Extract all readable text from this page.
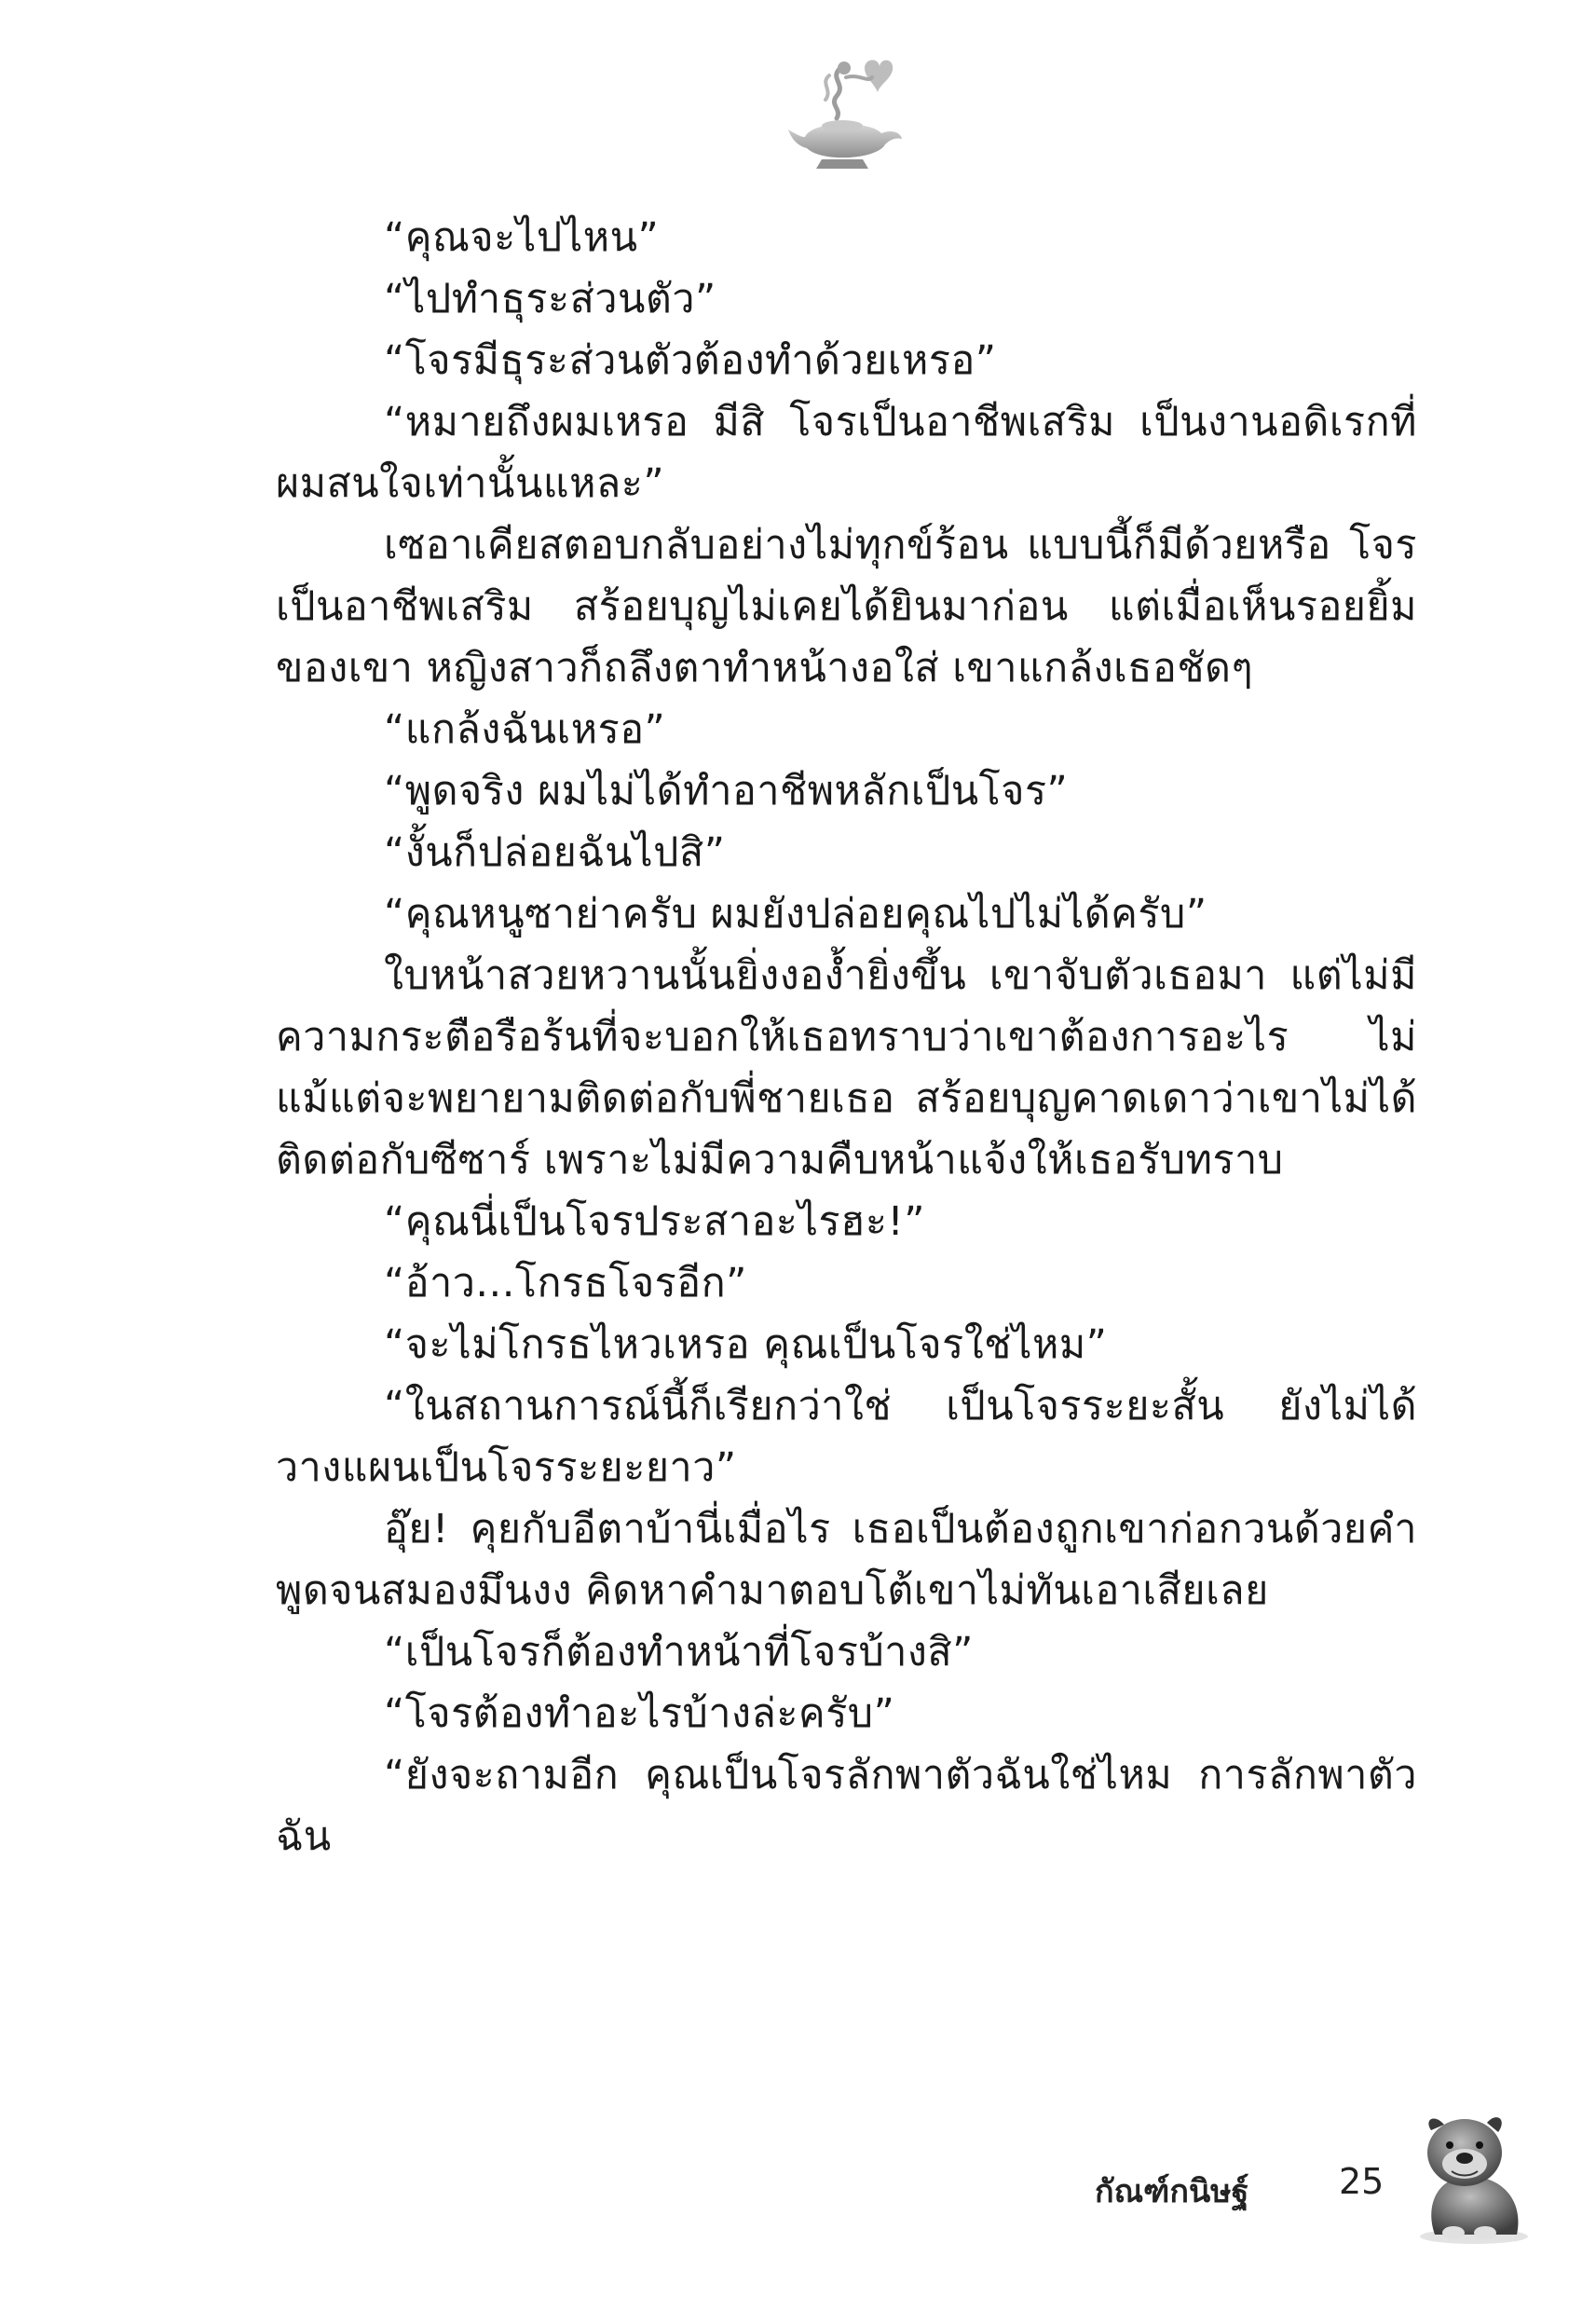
“คุณจะไปไหน”

“ไปทำธุระส่วนตัว”

“โจรมีธุระส่วนตัวต้องทำด้วยเหรอ”

“หมายถึงผมเหรอ มีสิ โจรเป็นอาชีพเสริม เป็นงานอดิเรกที่ผมสนใจเท่านั้นแหละ”

เซอาเคียสตอบกลับอย่างไม่ทุกข์ร้อน แบบนี้ก็มีด้วยหรือ โจรเป็นอาชีพเสริม สร้อยบุญไม่เคยได้ยินมาก่อน แต่เมื่อเห็นรอยยิ้มของเขา หญิงสาวก็ถลึงตาทำหน้างอใส่ เขาแกล้งเธอชัดๆ

“แกล้งฉันเหรอ”

“พูดจริง ผมไม่ได้ทำอาชีพหลักเป็นโจร”

“งั้นก็ปล่อยฉันไปสิ”

“คุณหนูซาย่าครับ ผมยังปล่อยคุณไปไม่ได้ครับ”

ใบหน้าสวยหวานนั้นยิ่งงอง้ำยิ่งขึ้น เขาจับตัวเธอมา แต่ไม่มีความกระตือรือร้นที่จะบอกให้เธอทราบว่าเขาต้องการอะไร ไม่แม้แต่จะพยายามติดต่อกับพี่ชายเธอ สร้อยบุญคาดเดาว่าเขาไม่ได้ติดต่อกับซีซาร์ เพราะไม่มีความคืบหน้าแจ้งให้เธอรับทราบ

“คุณนี่เป็นโจรประสาอะไรฮะ!”

“อ้าว...โกรธโจรอีก”

“จะไม่โกรธไหวเหรอ คุณเป็นโจรใช่ไหม”

“ในสถานการณ์นี้ก็เรียกว่าใช่ เป็นโจรระยะสั้น ยังไม่ได้วางแผนเป็นโจรระยะยาว”

อุ๊ย! คุยกับอีตาบ้านี่เมื่อไร เธอเป็นต้องถูกเขาก่อกวนด้วยคำพูดจนสมองมึนงง คิดหาคำมาตอบโต้เขาไม่ทันเอาเสียเลย

“เป็นโจรก็ต้องทำหน้าที่โจรบ้างสิ”

“โจรต้องทำอะไรบ้างล่ะครับ”

“ยังจะถามอีก คุณเป็นโจรลักพาตัวฉันใช่ไหม การลักพาตัวฉัน

กัณฑ์กนิษฐ์	25
